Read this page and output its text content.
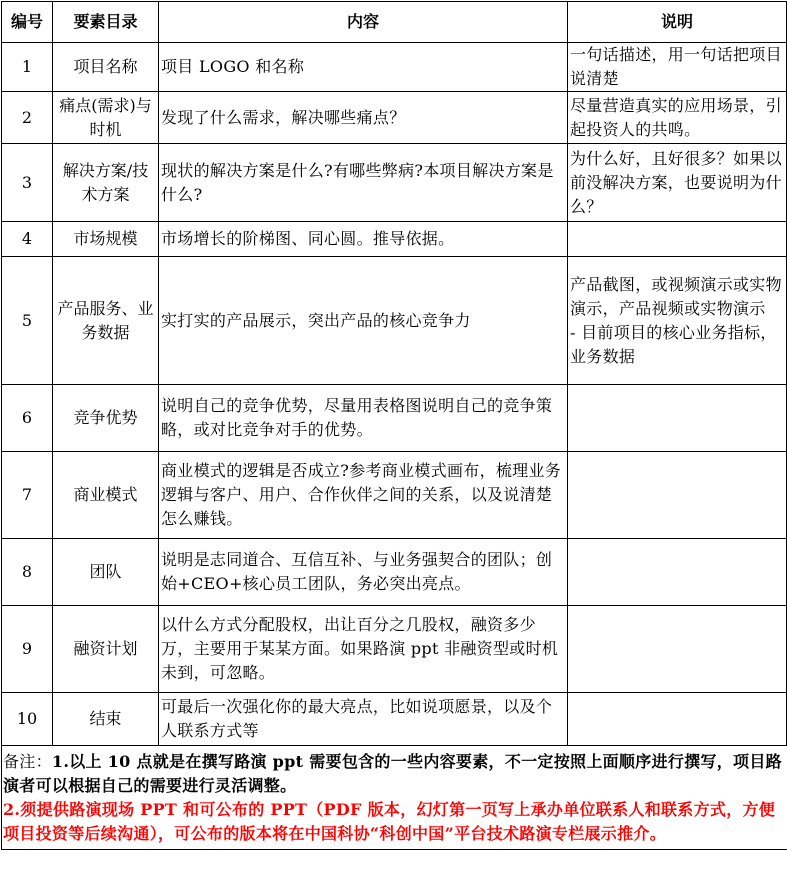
编号	要素目录	内容	说明
1	项目名称	项目 LOGO 和名称	一句话描述，用一句话把项目说清楚

2	痛点(需求)与时机	发现了什么需求，解决哪些痛点？	尽量营造真实的应用场景，引起投资人的共鸣。

3	解决方案/技术方案	现状的解决方案是什么?有哪些弊病?本项目解决方案是什么?	为什么好，且好很多？如果以前没解决方案，也要说明为什么？

4	市场规模	市场增长的阶梯图、同心圆。推导依据。	

5	产品服务、业务数据	实打实的产品展示，突出产品的核心竞争力	产品截图，或视频演示或实物演示，产品视频或实物演示
- 目前项目的核心业务指标，业务数据

6	竞争优势	说明自己的竞争优势，尽量用表格图说明自己的竞争策略，或对比竞争对手的优势。	

7	商业模式	商业模式的逻辑是否成立?参考商业模式画布，梳理业务逻辑与客户、用户、合作伙伴之间的关系，以及说清楚怎么赚钱。	

8	团队	说明是志同道合、互信互补、与业务强契合的团队；创始+CEO+核心员工团队，务必突出亮点。	

9	融资计划	以什么方式分配股权，出让百分之几股权，融资多少万，主要用于某某方面。如果路演 ppt 非融资型或时机未到，可忽略。	

10	结束	可最后一次强化你的最大亮点，比如说项愿景，以及个人联系方式等	
备注：1.以上 10 点就是在撰写路演 ppt 需要包含的一些内容要素，不一定按照上面顺序进行撰写，项目路演者可以根据自己的需要进行灵活调整。
2.须提供路演现场 PPT 和可公布的 PPT（PDF 版本，幻灯第一页写上承办单位联系人和联系方式，方便项目投资等后续沟通），可公布的版本将在中国科协“科创中国”平台技术路演专栏展示推介。
